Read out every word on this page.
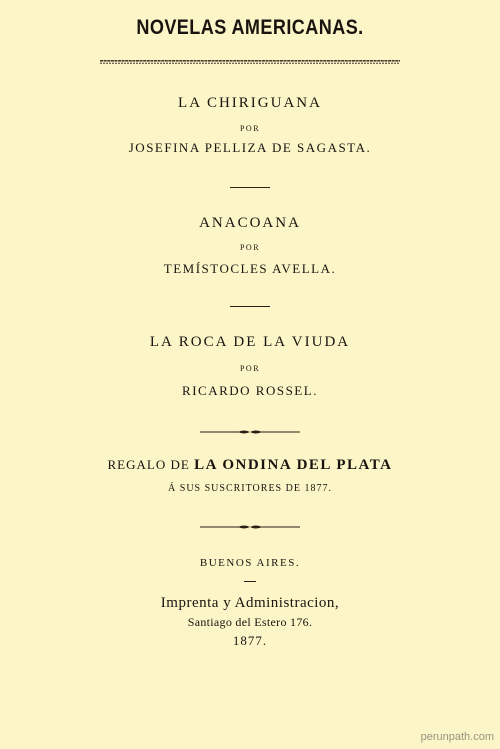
NOVELAS AMERICANAS.
LA CHIRIGUANA
POR
JOSEFINA PELLIZA DE SAGASTA.
ANACOANA
POR
TEMÍSTOCLES AVELLA.
LA ROCA DE LA VIUDA
POR
RICARDO ROSSEL.
REGALO DE LA ONDINA DEL PLATA
Á SUS SUSCRITORES DE 1877.
BUENOS AIRES.
Imprenta y Administracion,
Santiago del Estero 176.
1877.
perunpath.com
